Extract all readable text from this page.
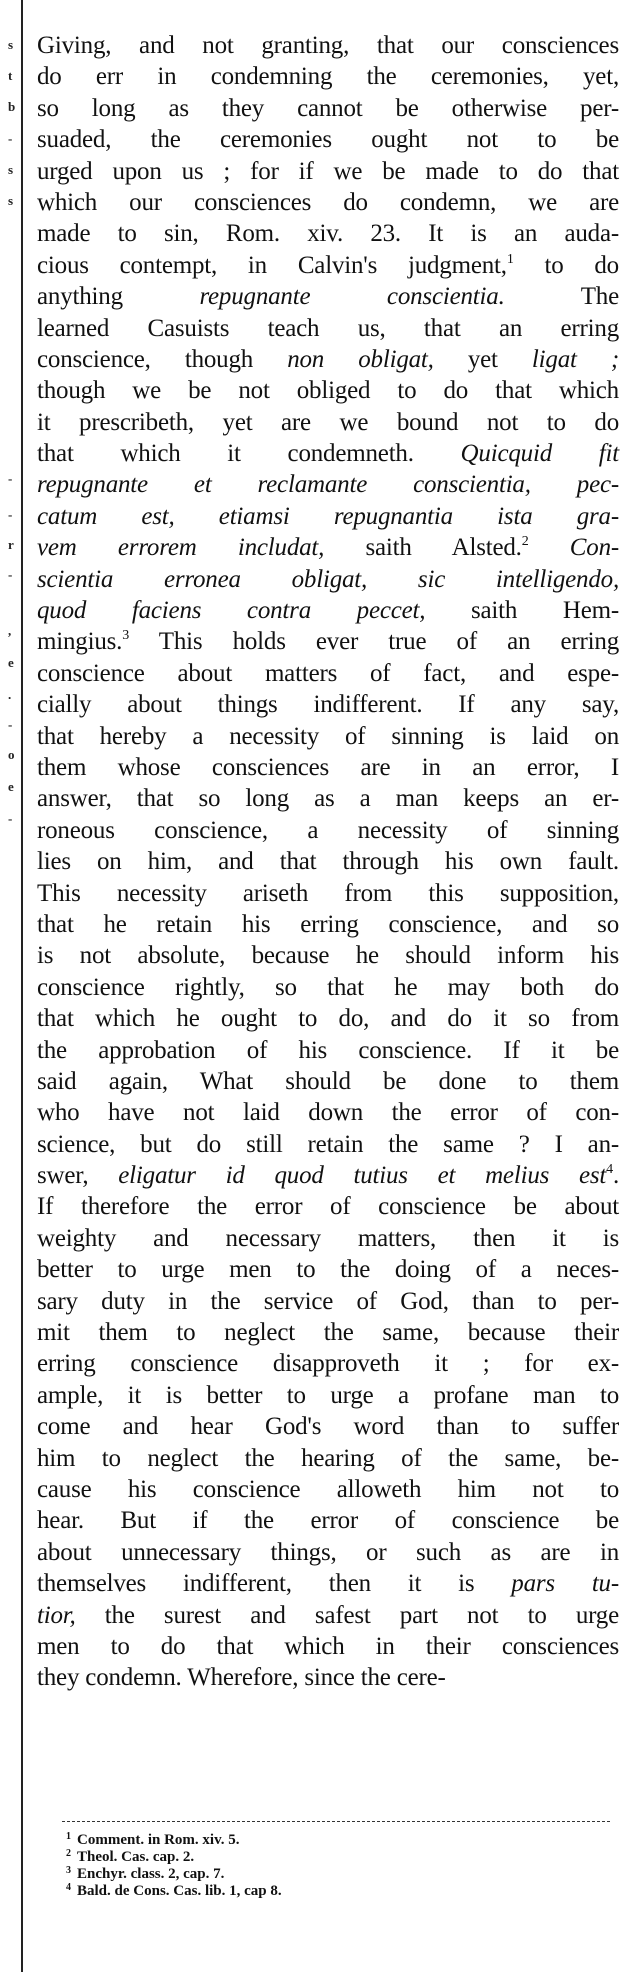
s
t
b
-
s
s
-
-
r
-
,
e
.
-
o
e
-
Giving, and not granting, that our consciences
do err in condemning the ceremonies, yet,
so long as they cannot be otherwise per-
suaded, the ceremonies ought not to be
urged upon us ; for if we be made to do that
which our consciences do condemn, we are
made to sin, Rom. xiv. 23. It is an auda-
cious contempt, in Calvin's judgment,$^1$ to do
anything repugnante conscientia. The
learned Casuists teach us, that an erring
conscience, though non obligat, yet ligat ;
though we be not obliged to do that which
it prescribeth, yet are we bound not to do
that which it condemneth. Quicquid fit
repugnante et reclamante conscientia, pec-
catum est, etiamsi repugnantia ista gra-
vem errorem includat, saith Alsted.$^2$ Con-
scientia erronea obligat, sic intelligendo,
quod faciens contra peccet, saith Hem-
mingius.$^3$ This holds ever true of an erring
conscience about matters of fact, and espe-
cially about things indifferent. If any say,
that hereby a necessity of sinning is laid on
them whose consciences are in an error, I
answer, that so long as a man keeps an er-
roneous conscience, a necessity of sinning
lies on him, and that through his own fault.
This necessity ariseth from this supposition,
that he retain his erring conscience, and so
is not absolute, because he should inform his
conscience rightly, so that he may both do
that which he ought to do, and do it so from
the approbation of his conscience. If it be
said again, What should be done to them
who have not laid down the error of con-
science, but do still retain the same ? I an-
swer, eligatur id quod tutius et melius est$^4$.
If therefore the error of conscience be about
weighty and necessary matters, then it is
better to urge men to the doing of a neces-
sary duty in the service of God, than to per-
mit them to neglect the same, because their
erring conscience disapproveth it ; for ex-
ample, it is better to urge a profane man to
come and hear God's word than to suffer
him to neglect the hearing of the same, be-
cause his conscience alloweth him not to
hear. But if the error of conscience be
about unnecessary things, or such as are in
themselves indifferent, then it is pars tu-
tior, the surest and safest part not to urge
men to do that which in their consciences
they condemn. Wherefore, since the cere-
$^1$ Comment. in Rom. xiv. 5.
$^2$ Theol. Cas. cap. 2.
$^3$ Enchyr. class. 2, cap. 7.
$^4$ Bald. de Cons. Cas. lib. 1, cap 8.
